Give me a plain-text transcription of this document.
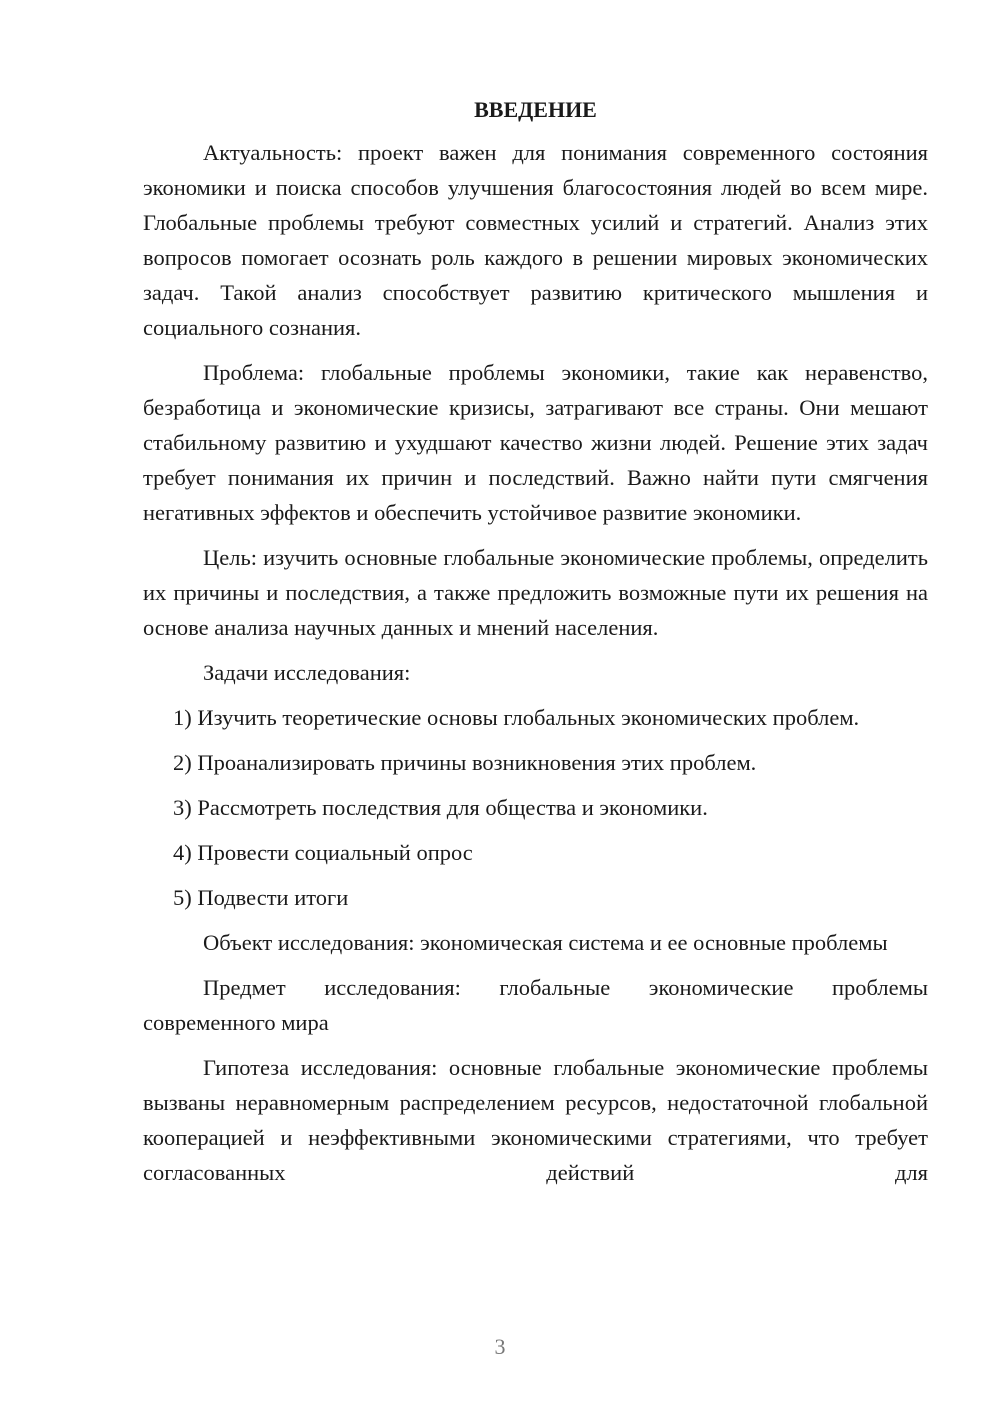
ВВЕДЕНИЕ

Актуальность: проект важен для понимания современного состояния экономики и поиска способов улучшения благосостояния людей во всем мире. Глобальные проблемы требуют совместных усилий и стратегий. Анализ этих вопросов помогает осознать роль каждого в решении мировых экономических задач. Такой анализ способствует развитию критического мышления и социального сознания.

Проблема: глобальные проблемы экономики, такие как неравенство, безработица и экономические кризисы, затрагивают все страны. Они мешают стабильному развитию и ухудшают качество жизни людей. Решение этих задач требует понимания их причин и последствий. Важно найти пути смягчения негативных эффектов и обеспечить устойчивое развитие экономики.

Цель: изучить основные глобальные экономические проблемы, определить их причины и последствия, а также предложить возможные пути их решения на основе анализа научных данных и мнений населения.

Задачи исследования:

1) Изучить теоретические основы глобальных экономических проблем.

2) Проанализировать причины возникновения этих проблем.

3) Рассмотреть последствия для общества и экономики.

4) Провести социальный опрос

5) Подвести итоги

Объект исследования: экономическая система и ее основные проблемы

Предмет исследования: глобальные экономические проблемы современного мира

Гипотеза исследования: основные глобальные экономические проблемы вызваны неравномерным распределением ресурсов, недостаточной глобальной кооперацией и неэффективными экономическими стратегиями, что требует согласованных действий для

3
